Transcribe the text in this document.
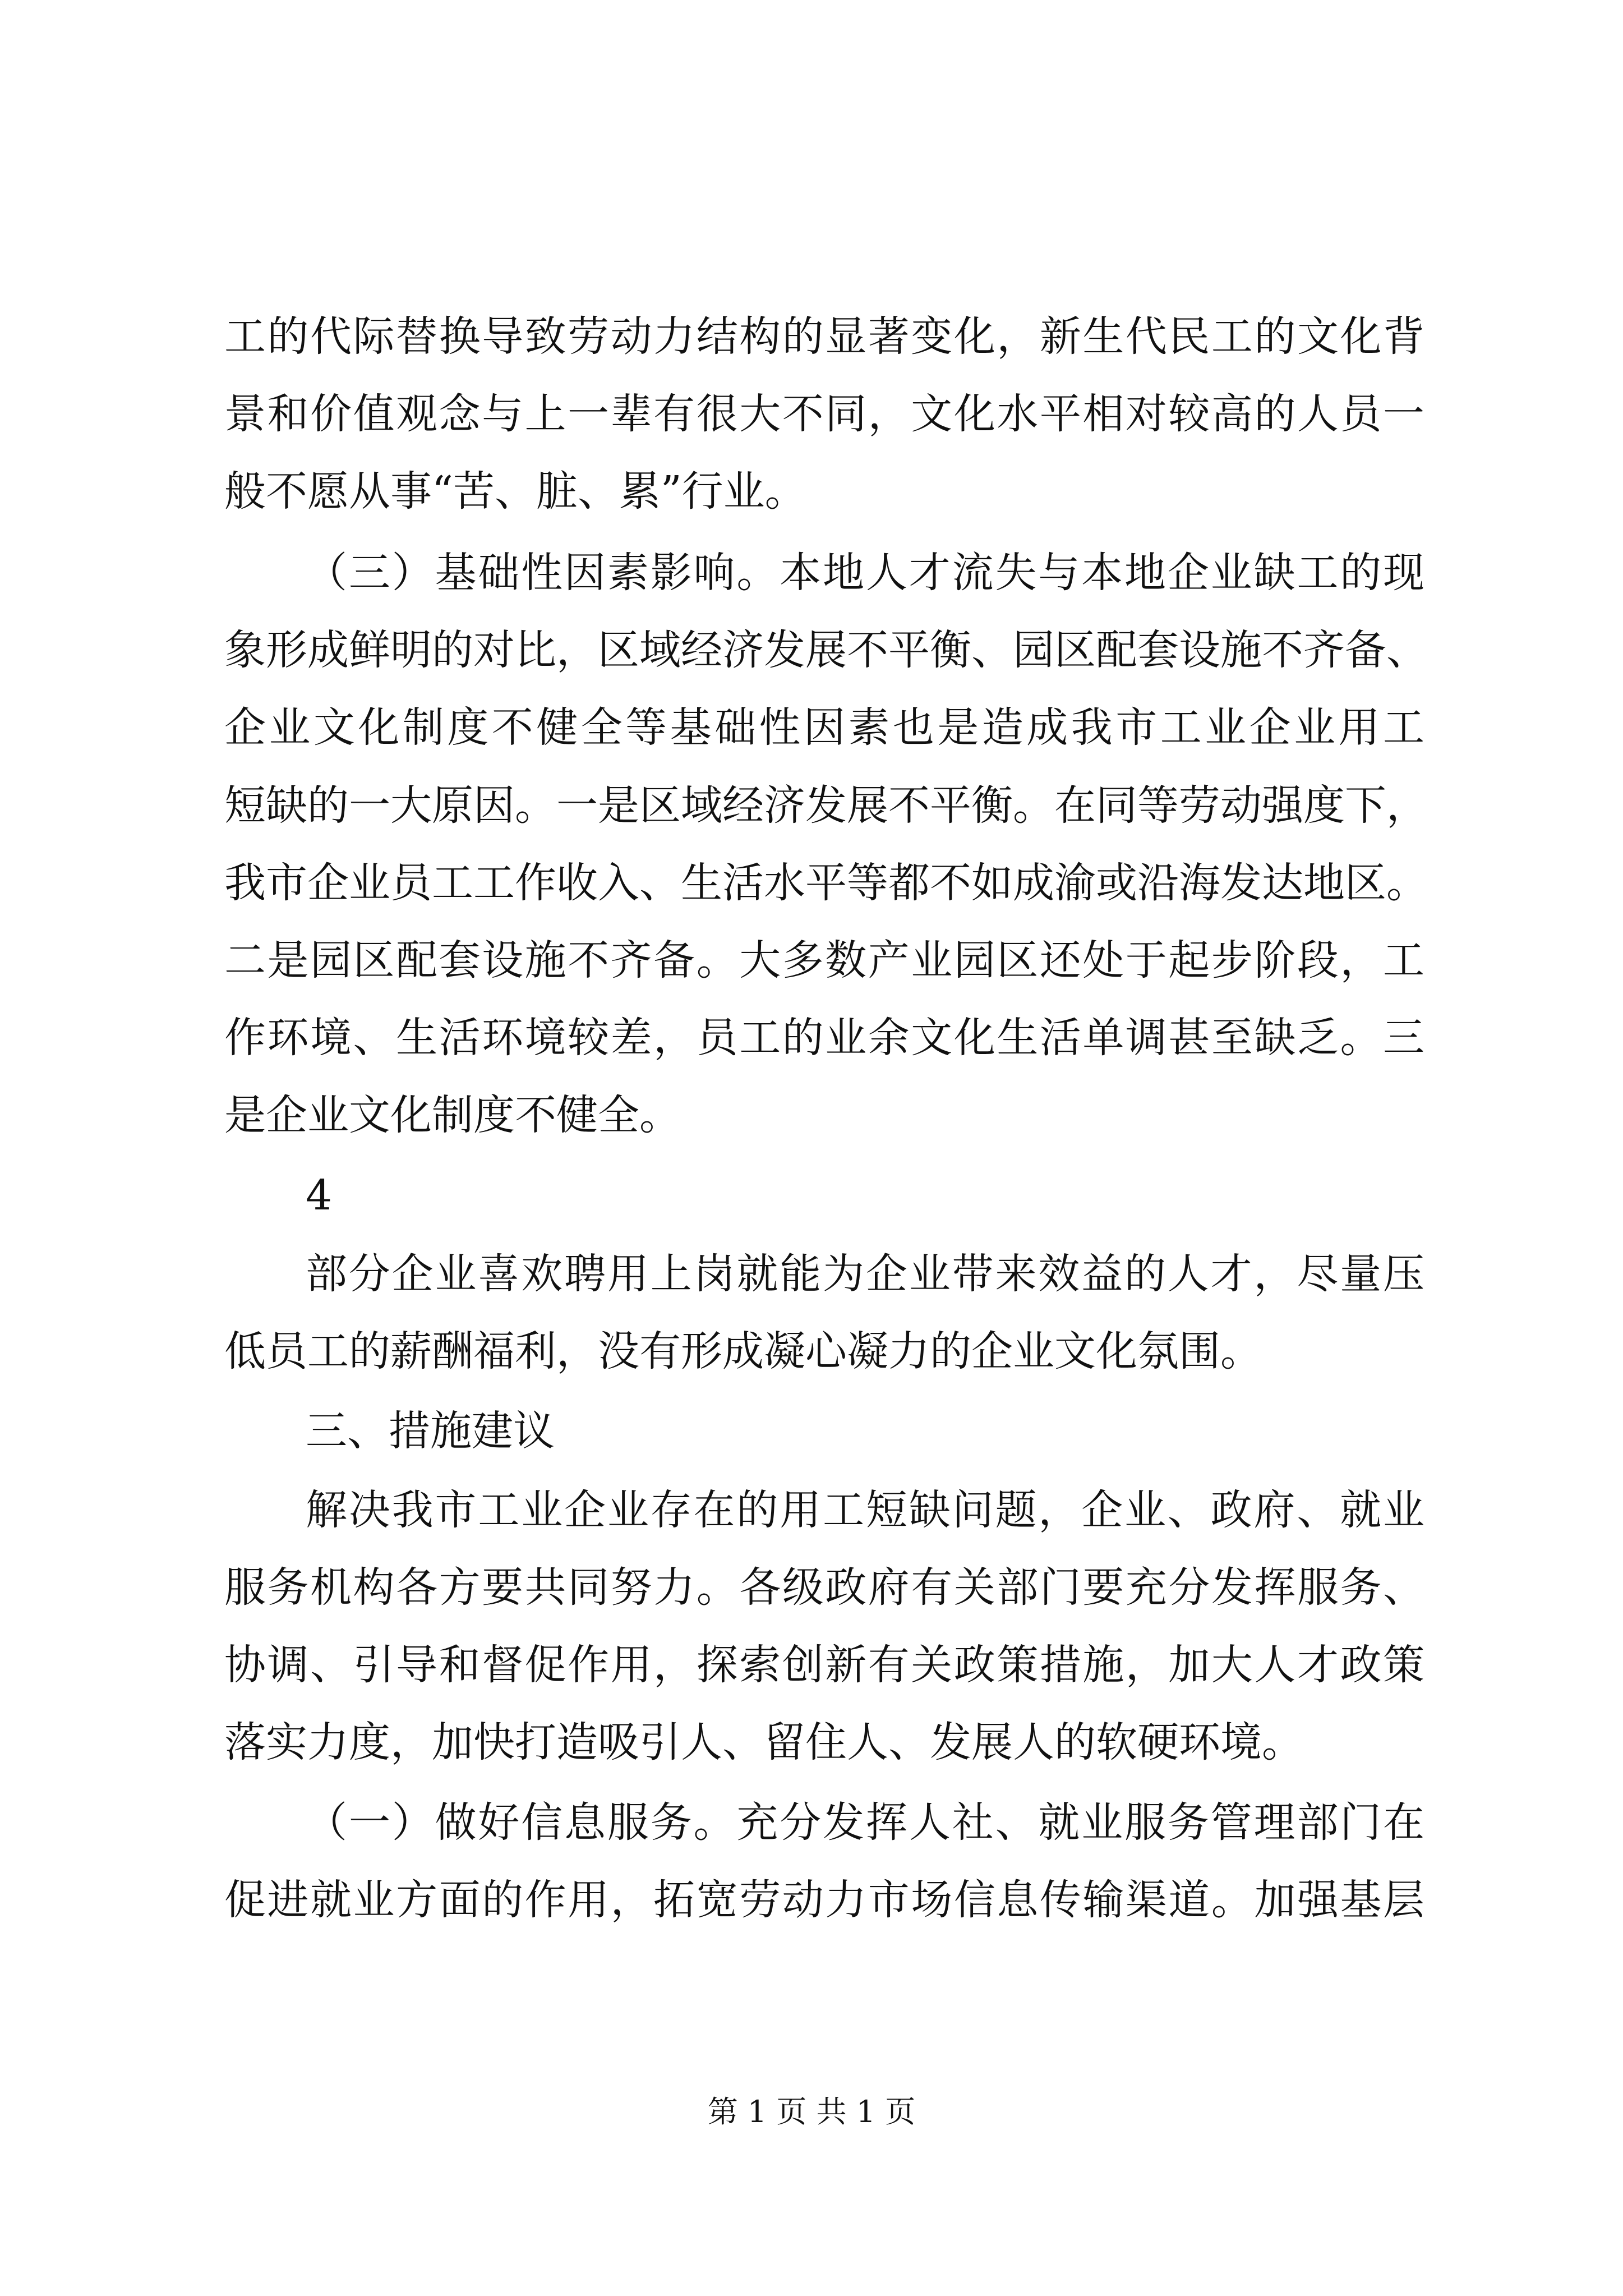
工的代际替换导致劳动力结构的显著变化，新生代民工的文化背
景和价值观念与上一辈有很大不同，文化水平相对较高的人员一
般不愿从事“苦、脏、累”行业。
（三）基础性因素影响。本地人才流失与本地企业缺工的现
象形成鲜明的对比，区域经济发展不平衡、园区配套设施不齐备、
企业文化制度不健全等基础性因素也是造成我市工业企业用工
短缺的一大原因。一是区域经济发展不平衡。在同等劳动强度下，
我市企业员工工作收入、生活水平等都不如成渝或沿海发达地区。
二是园区配套设施不齐备。大多数产业园区还处于起步阶段，工
作环境、生活环境较差，员工的业余文化生活单调甚至缺乏。三
是企业文化制度不健全。
4
部分企业喜欢聘用上岗就能为企业带来效益的人才，尽量压
低员工的薪酬福利，没有形成凝心凝力的企业文化氛围。
三、措施建议
解决我市工业企业存在的用工短缺问题，企业、政府、就业
服务机构各方要共同努力。各级政府有关部门要充分发挥服务、
协调、引导和督促作用，探索创新有关政策措施，加大人才政策
落实力度，加快打造吸引人、留住人、发展人的软硬环境。
（一）做好信息服务。充分发挥人社、就业服务管理部门在
促进就业方面的作用，拓宽劳动力市场信息传输渠道。加强基层
第 1 页 共 1 页
